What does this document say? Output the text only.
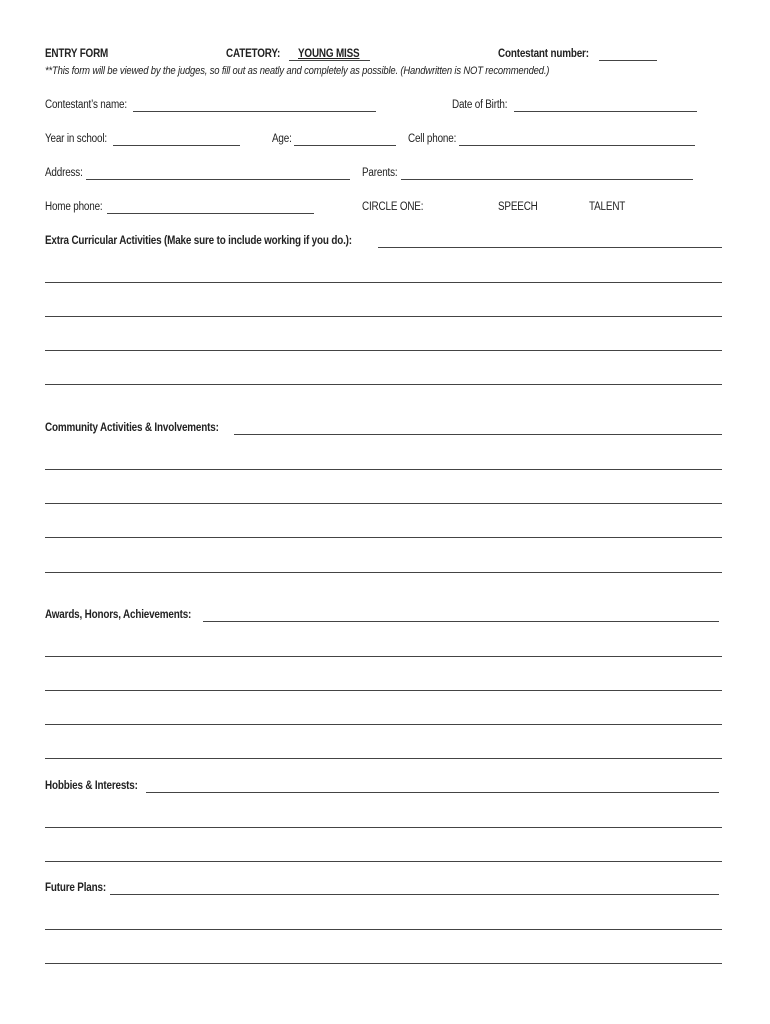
ENTRY FORM	CATETORY: YOUNG MISS	Contestant number:
**This form will be viewed by the judges, so fill out as neatly and completely as possible. (Handwritten is NOT recommended.)
Contestant’s name:	Date of Birth:
Year in school:	Age:	Cell phone:
Address:	Parents:
Home phone:	CIRCLE ONE:	SPEECH	TALENT
Extra Curricular Activities (Make sure to include working if you do.):
Community Activities & Involvements:
Awards, Honors, Achievements:
Hobbies & Interests:
Future Plans:
